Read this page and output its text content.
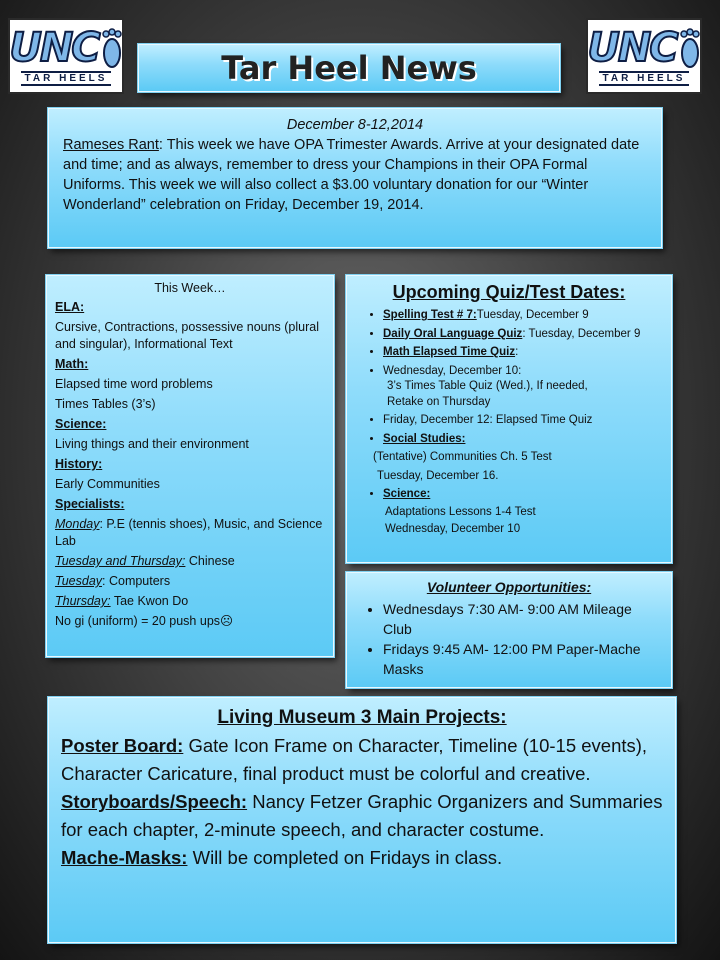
UNC
TAR HEELS
UNC
TAR HEELS
Tar Heel News

December 8-12,2014

Rameses Rant: This week we have OPA Trimester Awards. Arrive at your designated date and time; and as always, remember to dress your Champions in their OPA Formal Uniforms. This week we will also collect a $3.00 voluntary donation for our “Winter Wonderland” celebration on Friday, December 19, 2014.

This Week…

ELA:

Cursive, Contractions, possessive nouns (plural and singular), Informational Text

Math:

Elapsed time word problems

Times Tables (3’s)

Science:

Living things and their environment

History:

Early Communities

Specialists:

Monday: P.E (tennis shoes), Music, and Science Lab

Tuesday and Thursday: Chinese

Tuesday: Computers

Thursday: Tae Kwon Do

No gi (uniform) = 20 push ups☹

Upcoming Quiz/Test Dates:

• Spelling Test # 7:Tuesday, December 9
• Daily Oral Language Quiz: Tuesday, December 9
• Math Elapsed Time Quiz:
• Wednesday, December 10:
3’s Times Table Quiz (Wed.), If needed,
Retake on Thursday
• Friday, December 12: Elapsed Time Quiz
• Social Studies:

(Tentative) Communities Ch. 5 Test

Tuesday, December 16.

• Science:

Adaptations Lessons 1-4 Test

Wednesday, December 10

Volunteer Opportunities:

• Wednesdays 7:30 AM- 9:00 AM Mileage Club
• Fridays 9:45 AM- 12:00 PM Paper-Mache Masks

Living Museum 3 Main Projects:

Poster Board: Gate Icon Frame on Character, Timeline (10-15 events), Character Caricature, final product must be colorful and creative.

Storyboards/Speech: Nancy Fetzer Graphic Organizers and Summaries for each chapter, 2-minute speech, and character costume.

Mache-Masks: Will be completed on Fridays in class.
